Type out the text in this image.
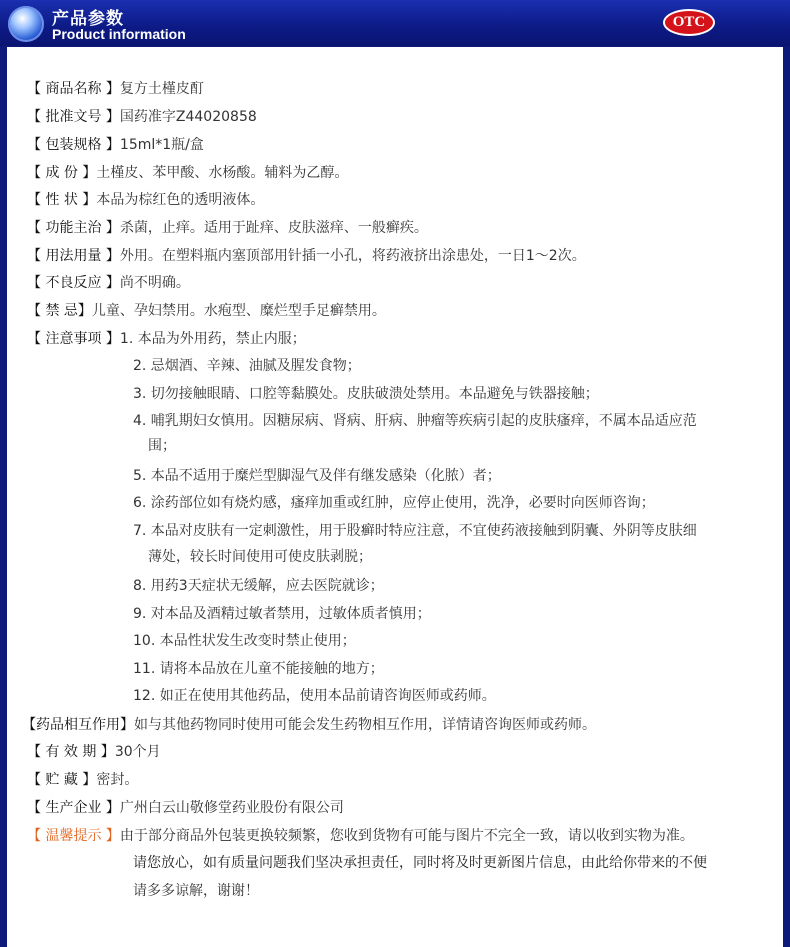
产品参数
Product information
OTC
【 商品名称 】复方土槿皮酊
【 批准文号 】国药准字Z44020858
【 包装规格 】15ml*1瓶/盒
【 成 份 】土槿皮、苯甲酸、水杨酸。辅料为乙醇。
【 性 状 】本品为棕红色的透明液体。
【 功能主治 】杀菌，止痒。适用于趾痒、皮肤滋痒、一般癣疾。
【 用法用量 】外用。在塑料瓶内塞顶部用针插一小孔，将药液挤出涂患处，一日1～2次。
【 不良反应 】尚不明确。
【 禁 忌】儿童、孕妇禁用。水疱型、糜烂型手足癣禁用。
【 注意事项 】1. 本品为外用药，禁止内服；
2. 忌烟酒、辛辣、油腻及腥发食物；
3. 切勿接触眼睛、口腔等黏膜处。皮肤破溃处禁用。本品避免与铁器接触；
4. 哺乳期妇女慎用。因糖尿病、肾病、肝病、肿瘤等疾病引起的皮肤瘙痒，不属本品适应范
围；
5. 本品不适用于糜烂型脚湿气及伴有继发感染（化脓）者；
6. 涂药部位如有烧灼感，瘙痒加重或红肿，应停止使用，洗净，必要时向医师咨询；
7. 本品对皮肤有一定刺激性，用于股癣时特应注意，不宜使药液接触到阴囊、外阴等皮肤细
薄处，较长时间使用可使皮肤剥脱；
8. 用药3天症状无缓解，应去医院就诊；
9. 对本品及酒精过敏者禁用，过敏体质者慎用；
10. 本品性状发生改变时禁止使用；
11. 请将本品放在儿童不能接触的地方；
12. 如正在使用其他药品，使用本品前请咨询医师或药师。
【药品相互作用】如与其他药物同时使用可能会发生药物相互作用，详情请咨询医师或药师。
【 有 效 期 】30个月
【 贮 藏 】密封。
【 生产企业 】广州白云山敬修堂药业股份有限公司
【 温馨提示 】由于部分商品外包装更换较频繁，您收到货物有可能与图片不完全一致，请以收到实物为准。
请您放心，如有质量问题我们坚决承担责任，同时将及时更新图片信息，由此给你带来的不便
请多多谅解，谢谢！
